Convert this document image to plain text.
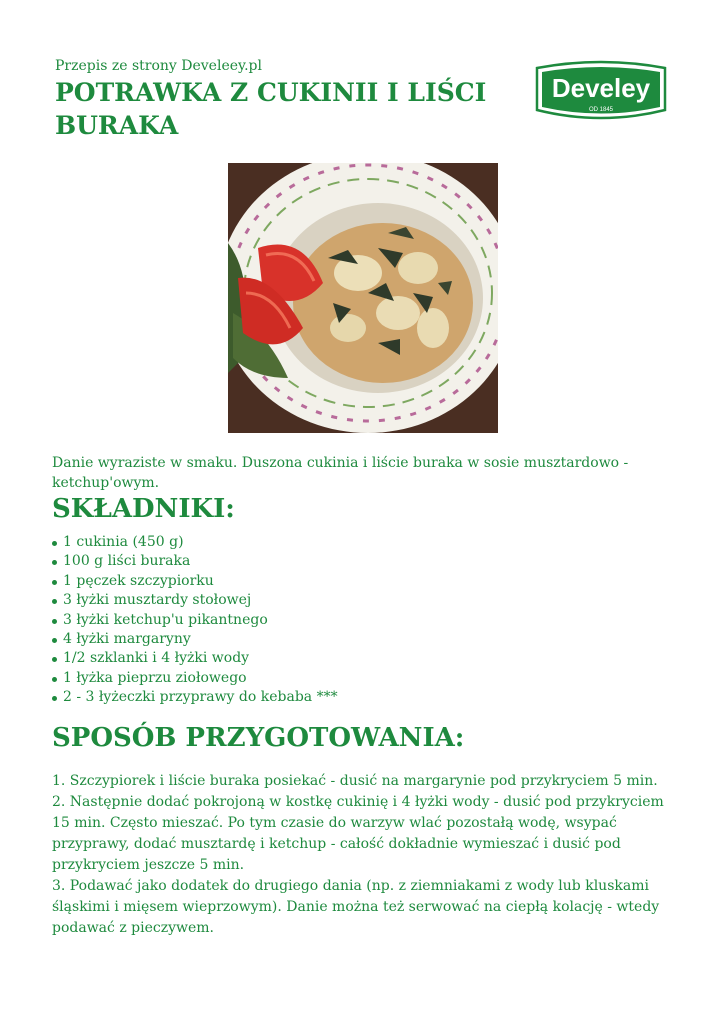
Przepis ze strony Develeey.pl
POTRAWKA Z CUKINII I LIŚCI BURAKA
Develey
OD 1845

Danie wyraziste w smaku. Duszona cukinia i liście buraka w sosie musztardowo - ketchup'owym.

SKŁADNIKI:
1 cukinia (450 g)
100 g liści buraka
1 pęczek szczypiorku
3 łyżki musztardy stołowej
3 łyżki ketchup'u pikantnego
4 łyżki margaryny
1/2 szklanki i 4 łyżki wody
1 łyżka pieprzu ziołowego
2 - 3 łyżeczki przyprawy do kebaba ***
SPOSÓB PRZYGOTOWANIA:

1. Szczypiorek i liście buraka posiekać - dusić na margarynie pod przykryciem 5 min.

2. Następnie dodać pokrojoną w kostkę cukinię i 4 łyżki wody - dusić pod przykryciem 15 min. Często mieszać. Po tym czasie do warzyw wlać pozostałą wodę, wsypać przyprawy, dodać musztardę i ketchup - całość dokładnie wymieszać i dusić pod przykryciem jeszcze 5 min.

3. Podawać jako dodatek do drugiego dania (np. z ziemniakami z wody lub kluskami śląskimi i mięsem wieprzowym). Danie można też serwować na ciepłą kolację - wtedy podawać z pieczywem.
